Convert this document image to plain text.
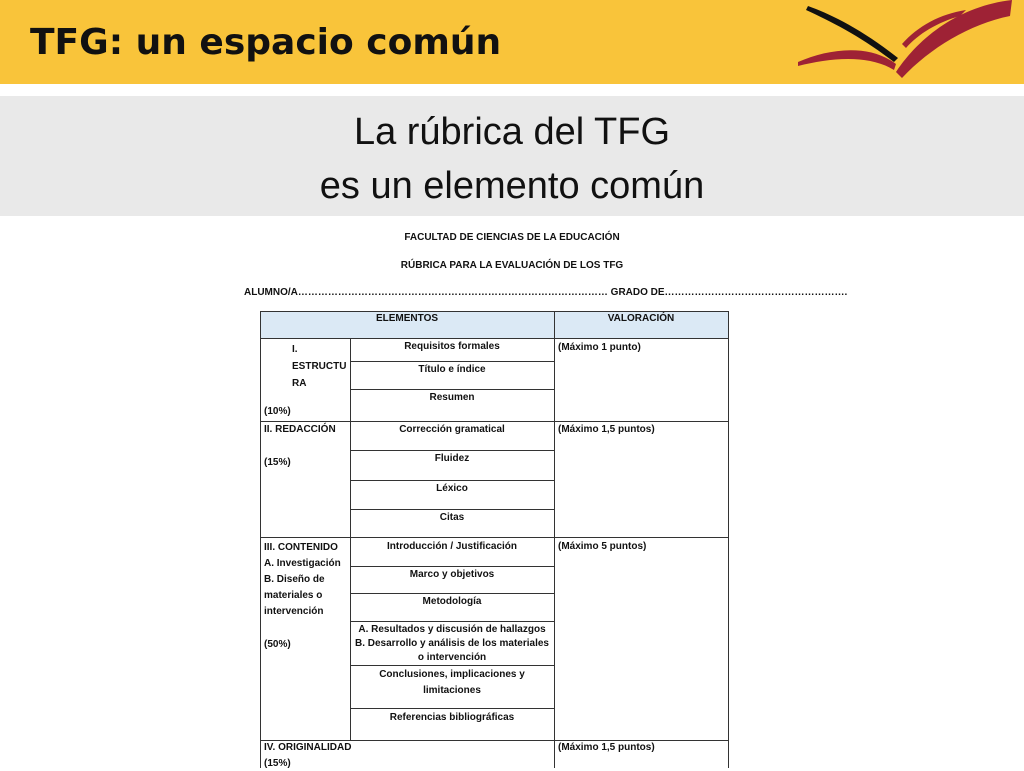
TFG: un espacio común
La rúbrica del TFG
es un elemento común
FACULTAD DE CIENCIAS DE LA EDUCACIÓN
RÚBRICA PARA LA EVALUACIÓN DE LOS TFG
ALUMNO/A………………………………………………………………………………… GRADO DE……………………………………………….
ELEMENTOS	VALORACIÓN
I.
ESTRUCTU
RA
(10%)
(Máximo 1 punto)
Requisitos formales
Título e índice
Resumen
II. REDACCIÓN
(15%)
(Máximo 1,5 puntos)
Corrección gramatical
Fluidez
Léxico
Citas
III. CONTENIDO
A. Investigación
B. Diseño de
materiales o
intervención
(50%)
(Máximo 5 puntos)
Introducción / Justificación
Marco y objetivos
Metodología
A. Resultados y discusión de hallazgos
B. Desarrollo y análisis de los materiales
o intervención
Conclusiones, implicaciones y
limitaciones
Referencias bibliográficas
IV. ORIGINALIDAD
(15%)
(Máximo 1,5 puntos)
